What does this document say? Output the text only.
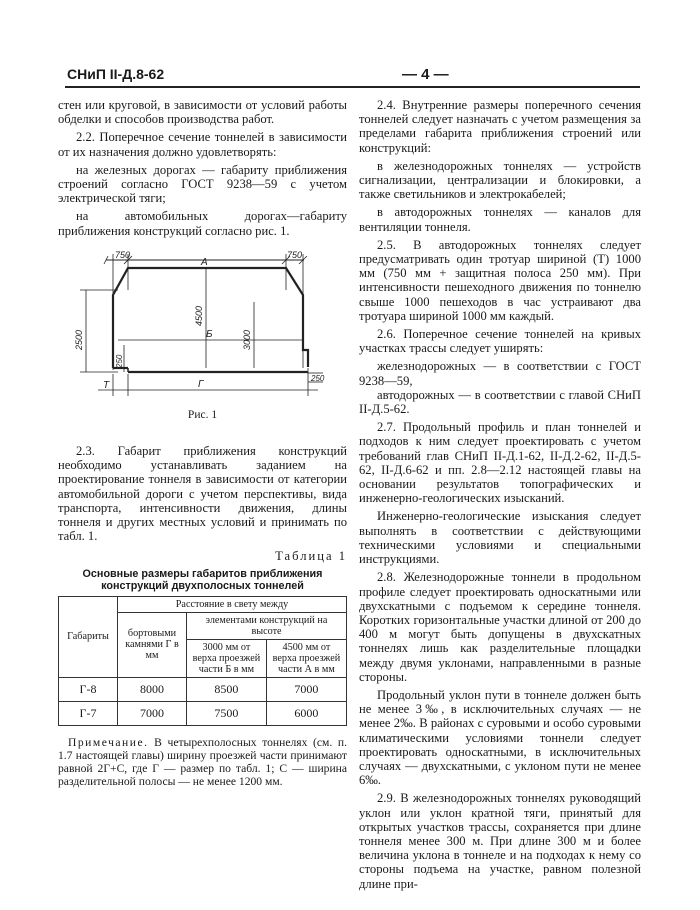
СНиП II-Д.8-62	— 4 —

стен или круговой, в зависимости от условий работы обделки и способов производства работ.

2.2. Поперечное сечение тоннелей в зависимости от их назначения должно удовлетворять:

на железных дорогах — габариту приближения строений согласно ГОСТ 9238—59 с учетом электрической тяги;

на автомобильных дорогах—габариту приближения конструкций согласно рис. 1.

750	750
А
4500
3000
2500	Б
250
Г
250
Т
Рис. 1

2.3. Габарит приближения конструкций необходимо устанавливать заданием на проектирование тоннеля в зависимости от категории автомобильной дороги с учетом перспективы, вида транспорта, интенсивности движения, длины тоннеля и других местных условий и принимать по табл. 1.

Таблица 1
Основные размеры габаритов приближения конструкций двухполосных тоннелей
Габариты	Расстояние в свету между		
	бортовыми камнями Г в мм	элементами конструкций на высоте	
		3000 мм от верха проезжей части Б в мм	4500 мм от верха проезжей части А в мм
Г-8	8000	8500	7000
Г-7	7000	7500	6000
Примечание. В четырехполосных тоннелях (см. п. 1.7 настоящей главы) ширину проезжей части принимают равной 2Г+С, где Г — размер по табл. 1; С — ширина разделительной полосы — не менее 1200 мм.

2.4. Внутренние размеры поперечного сечения тоннелей следует назначать с учетом размещения за пределами габарита приближения строений или конструкций:

в железнодорожных тоннелях — устройств сигнализации, централизации и блокировки, а также светильников и электрокабелей;

в автодорожных тоннелях — каналов для вентиляции тоннеля.

2.5. В автодорожных тоннелях следует предусматривать один тротуар шириной (Т) 1000 мм (750 мм + защитная полоса 250 мм). При интенсивности пешеходного движения по тоннелю свыше 1000 пешеходов в час устраивают два тротуара шириной 1000 мм каждый.

2.6. Поперечное сечение тоннелей на кривых участках трассы следует уширять:

железнодорожных — в соответствии с ГОСТ 9238—59,

автодорожных — в соответствии с главой СНиП II-Д.5-62.

2.7. Продольный профиль и план тоннелей и подходов к ним следует проектировать с учетом требований глав СНиП II-Д.1-62, II-Д.2-62, II-Д.5-62, II-Д.6-62 и пп. 2.8—2.12 настоящей главы на основании результатов топографических и инженерно-геологических изысканий.

Инженерно-геологические изыскания следует выполнять в соответствии с действующими техническими условиями и специальными инструкциями.

2.8. Железнодорожные тоннели в продольном профиле следует проектировать односкатными или двухскатными с подъемом к середине тоннеля. Коротких горизонтальные участки длиной от 200 до 400 м могут быть допущены в двухскатных тоннелях лишь как разделительные площадки между двумя уклонами, направленными в разные стороны.

Продольный уклон пути в тоннеле должен быть не менее 3‰, в исключительных случаях — не менее 2‰. В районах с суровыми и особо суровыми климатическими условиями тоннели следует проектировать односкатными, в исключительных случаях — двухскатными, с уклоном пути не менее 6‰.

2.9. В железнодорожных тоннелях руководящий уклон или уклон кратной тяги, принятый для открытых участков трассы, сохраняется при длине тоннеля менее 300 м. При длине 300 м и более величина уклона в тоннеле и на подходах к нему со стороны подъема на участке, равном полезной длине при-
